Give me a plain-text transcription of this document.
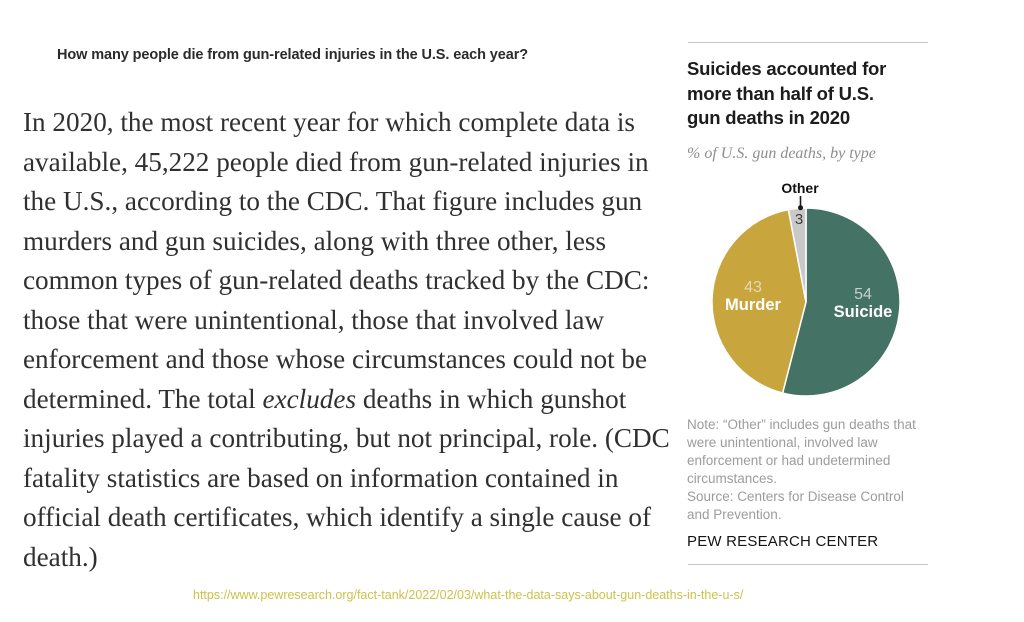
How many people die from gun-related injuries in the U.S. each year?
In 2020, the most recent year for which complete data is
available, 45,222 people died from gun-related injuries in
the U.S., according to the CDC. That figure includes gun
murders and gun suicides, along with three other, less
common types of gun-related deaths tracked by the CDC:
those that were unintentional, those that involved law
enforcement and those whose circumstances could not be
determined. The total excludes deaths in which gunshot
injuries played a contributing, but not principal, role. (CDC
fatality statistics are based on information contained in
official death certificates, which identify a single cause of
death.)
Suicides accounted for
more than half of U.S.
gun deaths in 2020
% of U.S. gun deaths, by type
Other
3
43
Murder
54
Suicide
Note: “Other” includes gun deaths that
were unintentional, involved law
enforcement or had undetermined
circumstances.
Source: Centers for Disease Control
and Prevention.
PEW RESEARCH CENTER
https://www.pewresearch.org/fact-tank/2022/02/03/what-the-data-says-about-gun-deaths-in-the-u-s/
